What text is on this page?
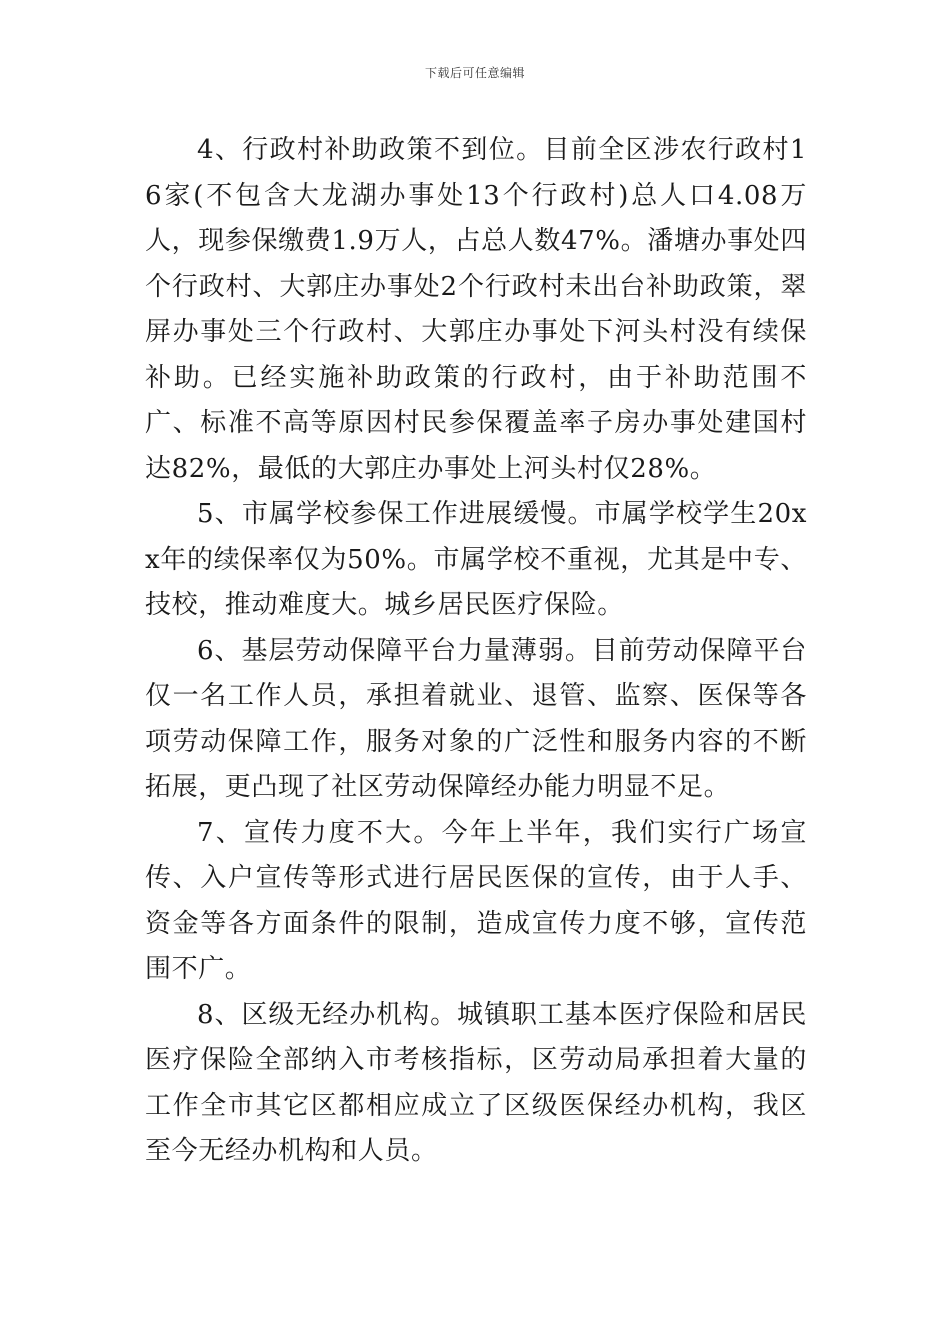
下载后可任意编辑

4、行政村补助政策不到位。目前全区涉农行政村16家(不包含大龙湖办事处13个行政村)总人口4.08万人，现参保缴费1.9万人，占总人数47%。潘塘办事处四个行政村、大郭庄办事处2个行政村未出台补助政策，翠屏办事处三个行政村、大郭庄办事处下河头村没有续保补助。已经实施补助政策的行政村，由于补助范围不广、标准不高等原因村民参保覆盖率子房办事处建国村达82%，最低的大郭庄办事处上河头村仅28%。

5、市属学校参保工作进展缓慢。市属学校学生20xx年的续保率仅为50%。市属学校不重视，尤其是中专、技校，推动难度大。城乡居民医疗保险。

6、基层劳动保障平台力量薄弱。目前劳动保障平台仅一名工作人员，承担着就业、退管、监察、医保等各项劳动保障工作，服务对象的广泛性和服务内容的不断拓展，更凸现了社区劳动保障经办能力明显不足。

7、宣传力度不大。今年上半年，我们实行广场宣传、入户宣传等形式进行居民医保的宣传，由于人手、资金等各方面条件的限制，造成宣传力度不够，宣传范围不广。

8、区级无经办机构。城镇职工基本医疗保险和居民医疗保险全部纳入市考核指标，区劳动局承担着大量的工作全市其它区都相应成立了区级医保经办机构，我区至今无经办机构和人员。
